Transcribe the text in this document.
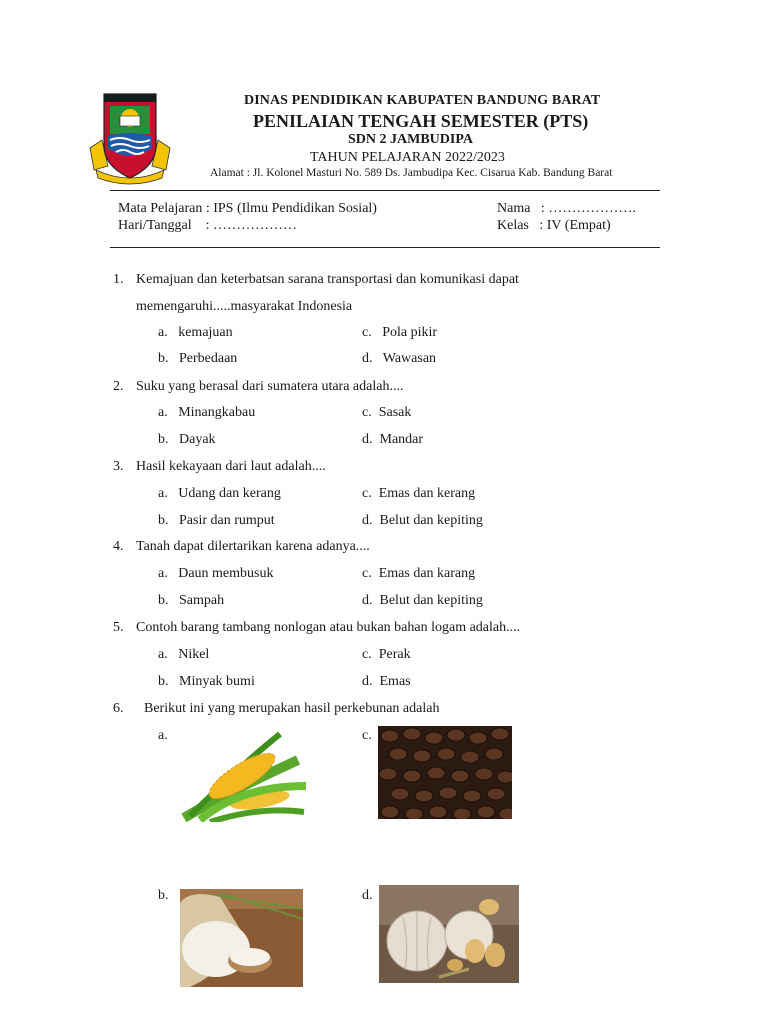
DINAS PENDIDIKAN KABUPATEN BANDUNG BARAT
PENILAIAN TENGAH SEMESTER (PTS)
SDN 2 JAMBUDIPA
TAHUN PELAJARAN 2022/2023
Alamat : Jl. Kolonel Masturi No. 589 Ds. Jambudipa Kec. Cisarua Kab. Bandung Barat
Mata Pelajaran : IPS (Ilmu Pendidikan Sosial)
Hari/Tanggal    : ………………
Nama   : ……………….
Kelas   : IV (Empat)
1. Kemajuan dan keterbatsan sarana transportasi dan komunikasi dapat
memengaruhi.....masyarakat Indonesia
a.   kemajuan
b.   Perbedaan
c.   Pola pikir
d.   Wawasan
2. Suku yang berasal dari sumatera utara adalah....
a.   Minangkabau
b.   Dayak
c.  Sasak
d.  Mandar
3. Hasil kekayaan dari laut adalah....
a.   Udang dan kerang
b.   Pasir dan rumput
c.  Emas dan kerang
d.  Belut dan kepiting
4. Tanah dapat dilertarikan karena adanya....
a.   Daun membusuk
b.   Sampah
c.  Emas dan karang
d.  Belut dan kepiting
5. Contoh barang tambang nonlogan atau bukan bahan logam adalah....
a.   Nikel
b.   Minyak bumi
c.  Perak
d.  Emas
6. Berikut ini yang merupakan hasil perkebunan adalah
a.	c.
b.	d.
